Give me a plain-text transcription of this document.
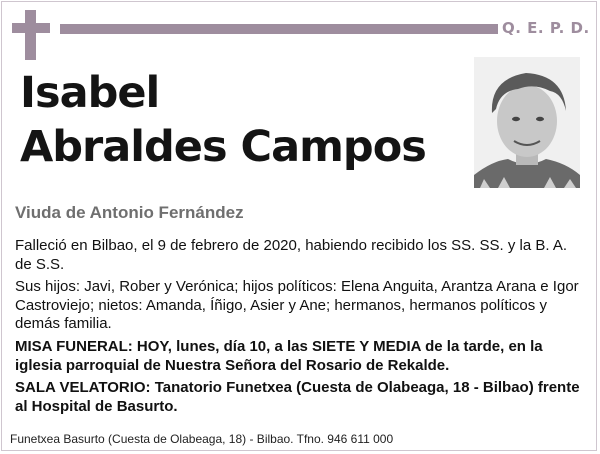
Q. E. P. D.
Isabel
Abraldes Campos
Viuda de Antonio Fernández

Falleció en Bilbao, el 9 de febrero de 2020, habiendo recibido los SS. SS. y la B. A. de S.S.

Sus hijos: Javi, Rober y Verónica; hijos políticos: Elena Anguita, Arantza Arana e Igor Castroviejo; nietos: Amanda, Íñigo, Asier y Ane; hermanos, hermanos políticos y demás familia.

MISA FUNERAL: HOY, lunes, día 10, a las SIETE Y MEDIA de la tarde, en la iglesia parroquial de Nuestra Señora del Rosario de Rekalde.

SALA VELATORIO: Tanatorio Funetxea (Cuesta de Olabeaga, 18 - Bilbao) frente al Hospital de Basurto.

Funetxea Basurto (Cuesta de Olabeaga, 18) - Bilbao. Tfno. 946 611 000
